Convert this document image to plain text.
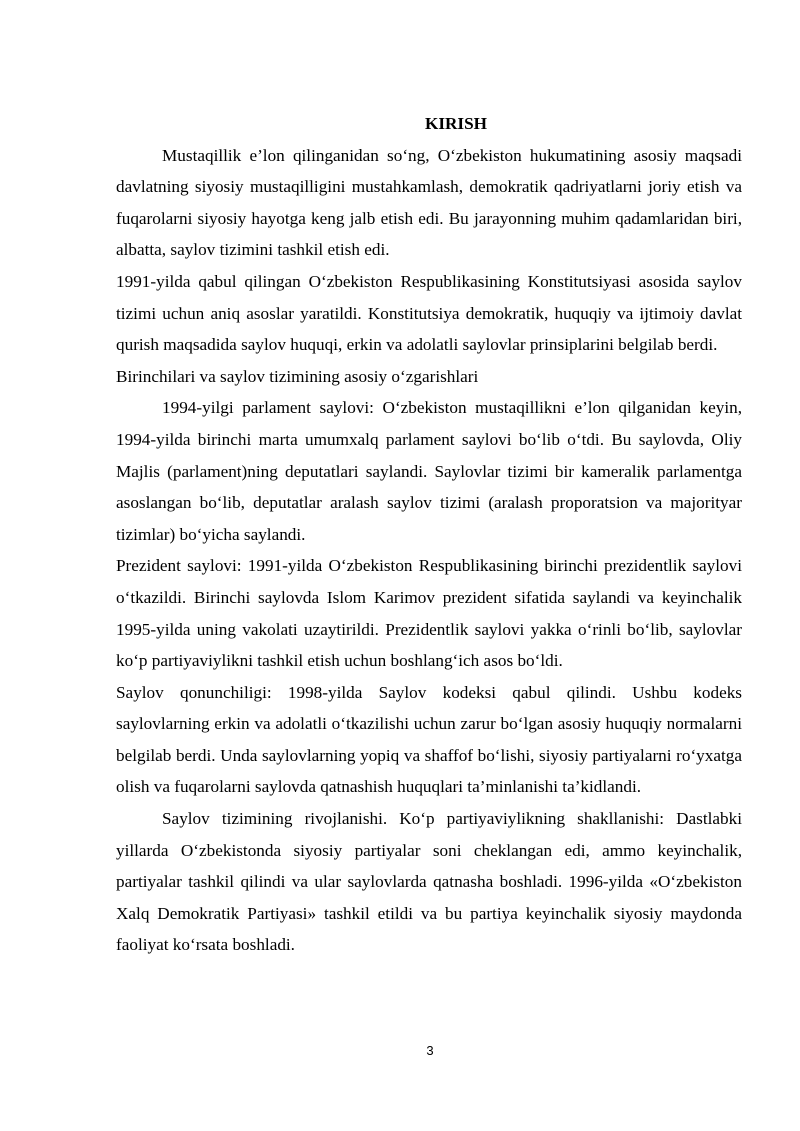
KIRISH

Mustaqillik e’lon qilinganidan so‘ng, O‘zbekiston hukumatining asosiy maqsadi davlatning siyosiy mustaqilligini mustahkamlash, demokratik qadriyatlarni joriy etish va fuqarolarni siyosiy hayotga keng jalb etish edi. Bu jarayonning muhim qadamlaridan biri, albatta, saylov tizimini tashkil etish edi.

1991-yilda qabul qilingan O‘zbekiston Respublikasining Konstitutsiyasi asosida saylov tizimi uchun aniq asoslar yaratildi. Konstitutsiya demokratik, huquqiy va ijtimoiy davlat qurish maqsadida saylov huquqi, erkin va adolatli saylovlar prinsiplarini belgilab berdi.

Birinchilari va saylov tizimining asosiy o‘zgarishlari

1994-yilgi parlament saylovi: O‘zbekiston mustaqillikni e’lon qilganidan keyin, 1994-yilda birinchi marta umumxalq parlament saylovi bo‘lib o‘tdi. Bu saylovda, Oliy Majlis (parlament)ning deputatlari saylandi. Saylovlar tizimi bir kameralik parlamentga asoslangan bo‘lib, deputatlar aralash saylov tizimi (aralash proporatsion va majorityar tizimlar) bo‘yicha saylandi.

Prezident saylovi: 1991-yilda O‘zbekiston Respublikasining birinchi prezidentlik saylovi o‘tkazildi. Birinchi saylovda Islom Karimov prezident sifatida saylandi va keyinchalik 1995-yilda uning vakolati uzaytirildi. Prezidentlik saylovi yakka o‘rinli bo‘lib, saylovlar ko‘p partiyaviylikni tashkil etish uchun boshlang‘ich asos bo‘ldi.

Saylov qonunchiligi: 1998-yilda Saylov kodeksi qabul qilindi. Ushbu kodeks saylovlarning erkin va adolatli o‘tkazilishi uchun zarur bo‘lgan asosiy huquqiy normalarni belgilab berdi. Unda saylovlarning yopiq va shaffof bo‘lishi, siyosiy partiyalarni ro‘yxatga olish va fuqarolarni saylovda qatnashish huquqlari ta’minlanishi ta’kidlandi.

Saylov tizimining rivojlanishi. Ko‘p partiyaviylikning shakllanishi: Dastlabki yillarda O‘zbekistonda siyosiy partiyalar soni cheklangan edi, ammo keyinchalik, partiyalar tashkil qilindi va ular saylovlarda qatnasha boshladi. 1996-yilda «O‘zbekiston Xalq Demokratik Partiyasi» tashkil etildi va bu partiya keyinchalik siyosiy maydonda faoliyat ko‘rsata boshladi.

3
